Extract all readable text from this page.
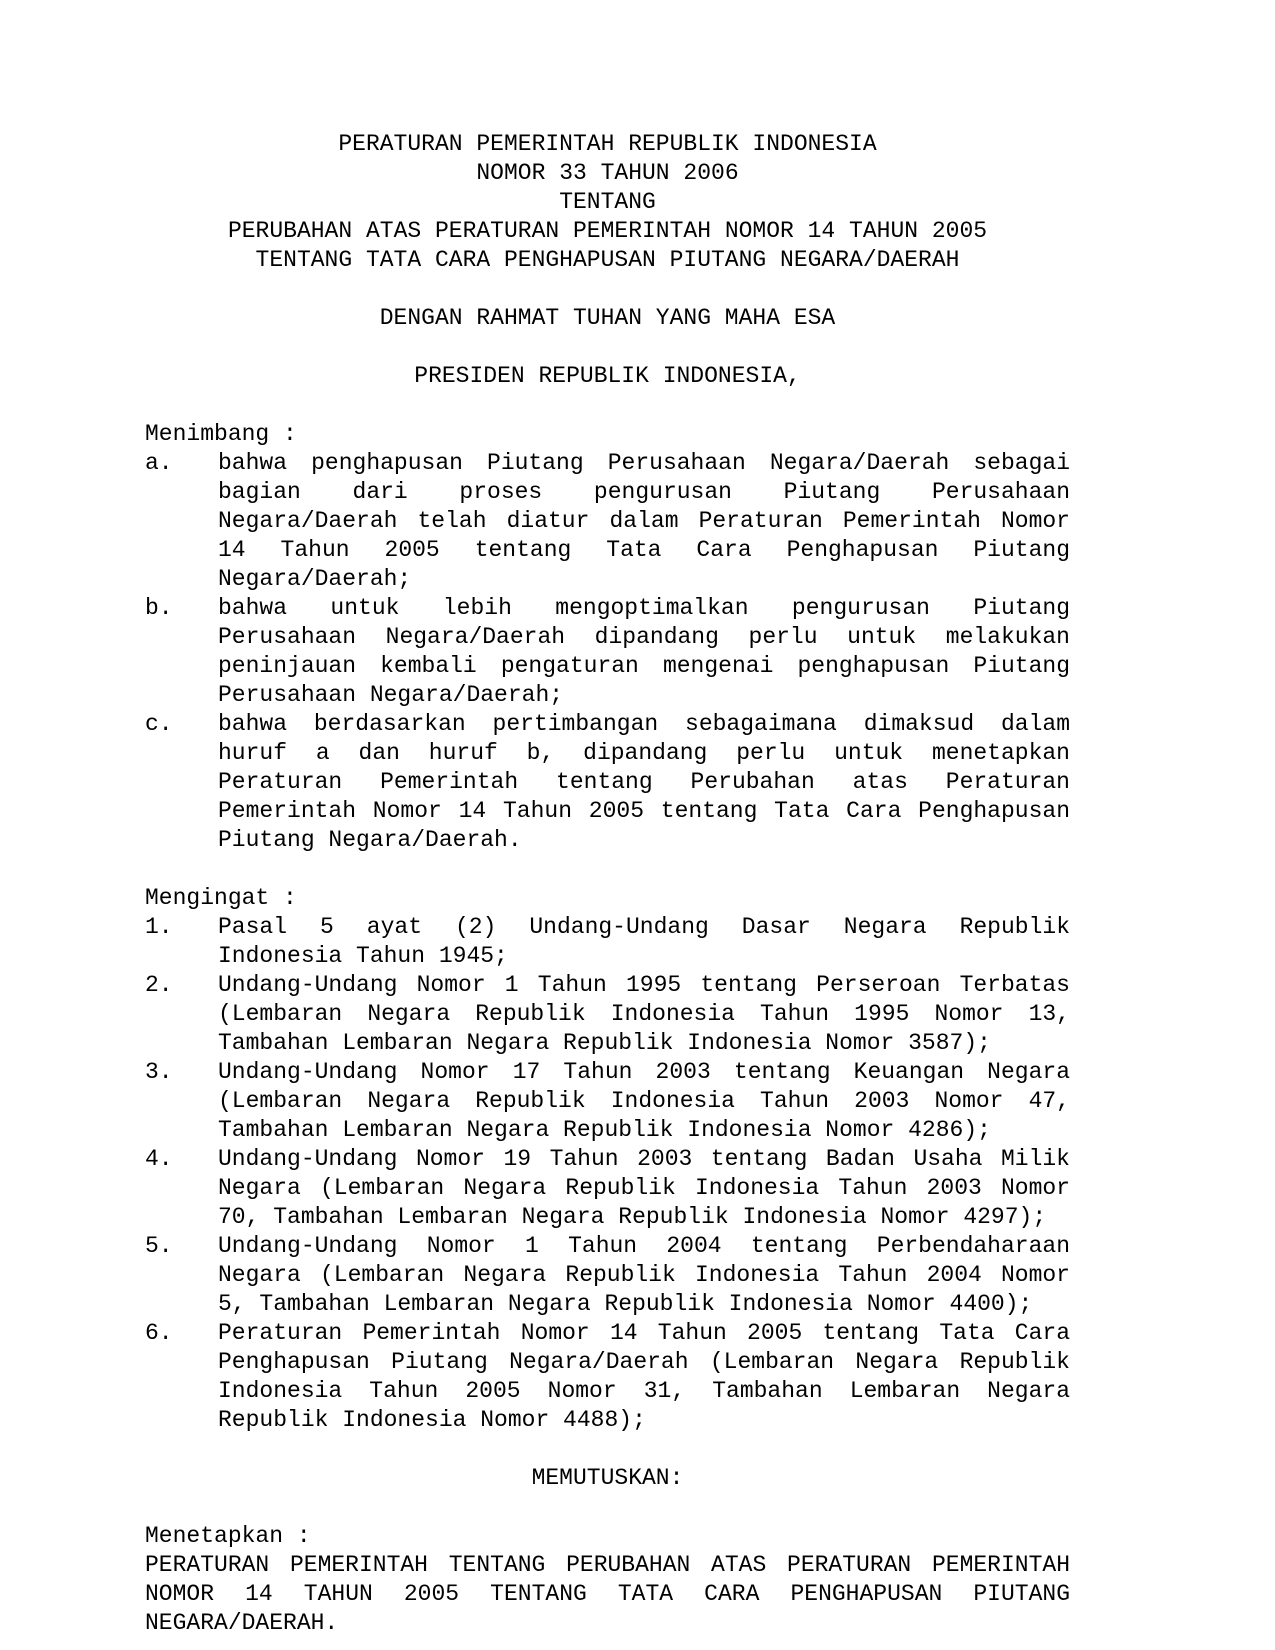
PERATURAN PEMERINTAH REPUBLIK INDONESIA
NOMOR 33 TAHUN 2006
TENTANG
PERUBAHAN ATAS PERATURAN PEMERINTAH NOMOR 14 TAHUN 2005
TENTANG TATA CARA PENGHAPUSAN PIUTANG NEGARA/DAERAH
DENGAN RAHMAT TUHAN YANG MAHA ESA
PRESIDEN REPUBLIK INDONESIA,
Menimbang :
a. bahwa penghapusan Piutang Perusahaan Negara/Daerah sebagai bagian dari proses pengurusan Piutang Perusahaan Negara/Daerah telah diatur dalam Peraturan Pemerintah Nomor 14 Tahun 2005 tentang Tata Cara Penghapusan Piutang Negara/Daerah;
b. bahwa untuk lebih mengoptimalkan pengurusan Piutang Perusahaan Negara/Daerah dipandang perlu untuk melakukan peninjauan kembali pengaturan mengenai penghapusan Piutang Perusahaan Negara/Daerah;
c. bahwa berdasarkan pertimbangan sebagaimana dimaksud dalam huruf a dan huruf b, dipandang perlu untuk menetapkan Peraturan Pemerintah tentang Perubahan atas Peraturan Pemerintah Nomor 14 Tahun 2005 tentang Tata Cara Penghapusan Piutang Negara/Daerah.
Mengingat :
1. Pasal 5 ayat (2) Undang-Undang Dasar Negara Republik Indonesia Tahun 1945;
2. Undang-Undang Nomor 1 Tahun 1995 tentang Perseroan Terbatas (Lembaran Negara Republik Indonesia Tahun 1995 Nomor 13, Tambahan Lembaran Negara Republik Indonesia Nomor 3587);
3. Undang-Undang Nomor 17 Tahun 2003 tentang Keuangan Negara (Lembaran Negara Republik Indonesia Tahun 2003 Nomor 47, Tambahan Lembaran Negara Republik Indonesia Nomor 4286);
4. Undang-Undang Nomor 19 Tahun 2003 tentang Badan Usaha Milik Negara (Lembaran Negara Republik Indonesia Tahun 2003 Nomor 70, Tambahan Lembaran Negara Republik Indonesia Nomor 4297);
5. Undang-Undang Nomor 1 Tahun 2004 tentang Perbendaharaan Negara (Lembaran Negara Republik Indonesia Tahun 2004 Nomor 5, Tambahan Lembaran Negara Republik Indonesia Nomor 4400);
6. Peraturan Pemerintah Nomor 14 Tahun 2005 tentang Tata Cara Penghapusan Piutang Negara/Daerah (Lembaran Negara Republik Indonesia Tahun 2005 Nomor 31, Tambahan Lembaran Negara Republik Indonesia Nomor 4488);
MEMUTUSKAN:
Menetapkan :
PERATURAN PEMERINTAH TENTANG PERUBAHAN ATAS PERATURAN PEMERINTAH NOMOR 14 TAHUN 2005 TENTANG TATA CARA PENGHAPUSAN PIUTANG NEGARA/DAERAH.
